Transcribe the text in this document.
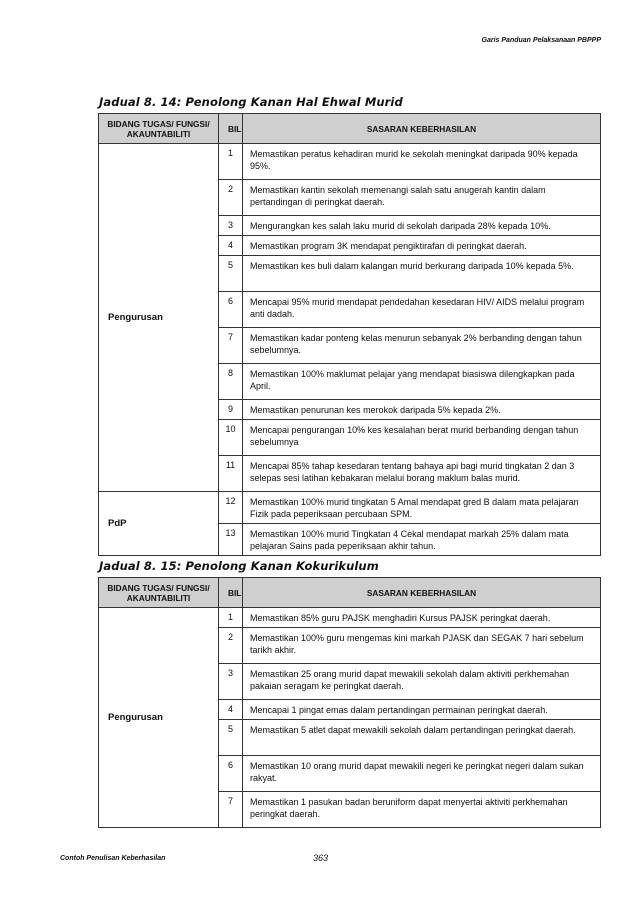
Garis Panduan Pelaksanaan PBPPP
Jadual 8. 14: Penolong Kanan Hal Ehwal Murid
BIDANG TUGAS/ FUNGSI/ AKAUNTABILITI	BIL	SASARAN KEBERHASILAN
Pengurusan	1	Memastikan peratus kehadiran murid ke sekolah meningkat daripada 90% kepada 95%.
	2	Memastikan kantin sekolah memenangi salah satu anugerah kantin dalam pertandingan di peringkat daerah.
	3	Mengurangkan kes salah laku murid di sekolah daripada 28% kepada 10%.
	4	Memastikan program 3K mendapat pengiktirafan di peringkat daerah.
	5	Memastikan kes buli dalam kalangan murid berkurang daripada 10% kepada 5%.
	6	Mencapai 95% murid mendapat pendedahan kesedaran HIV/ AIDS melalui program anti dadah.
	7	Memastikan kadar ponteng kelas menurun sebanyak 2% berbanding dengan tahun sebelumnya.
	8	Memastikan 100% maklumat pelajar yang mendapat biasiswa dilengkapkan pada April.
	9	Memastikan penurunan kes merokok daripada 5% kepada 2%.
	10	Mencapai pengurangan 10% kes kesalahan berat murid berbanding dengan tahun sebelumnya
	11	Mencapai 85% tahap kesedaran tentang bahaya api bagi murid tingkatan 2 dan 3 selepas sesi latihan kebakaran melalui borang maklum balas murid.
PdP	12	Memastikan 100% murid tingkatan 5 Amal mendapat gred B dalam mata pelajaran Fizik pada peperiksaan percubaan SPM.
	13	Memastikan 100% murid Tingkatan 4 Cekal mendapat markah 25% dalam mata pelajaran Sains pada peperiksaan akhir tahun.
Jadual 8. 15: Penolong Kanan Kokurikulum
BIDANG TUGAS/ FUNGSI/ AKAUNTABILITI	BIL	SASARAN KEBERHASILAN
Pengurusan	1	Memastikan 85% guru PAJSK menghadiri Kursus PAJSK peringkat daerah.
	2	Memastikan 100% guru mengemas kini markah PJASK dan SEGAK 7 hari sebelum tarikh akhir.
	3	Memastikan 25 orang murid dapat mewakili sekolah dalam aktiviti perkhemahan pakaian seragam ke peringkat daerah.
	4	Mencapai 1 pingat emas dalam pertandingan permainan peringkat daerah.
	5	Memastikan 5 atlet dapat mewakili sekolah dalam pertandingan peringkat daerah.
	6	Memastikan 10 orang murid dapat mewakili negeri ke peringkat negeri dalam sukan rakyat.
	7	Memastikan 1 pasukan badan beruniform dapat menyertai aktiviti perkhemahan peringkat daerah.
Contoh Penulisan Keberhasilan	363
